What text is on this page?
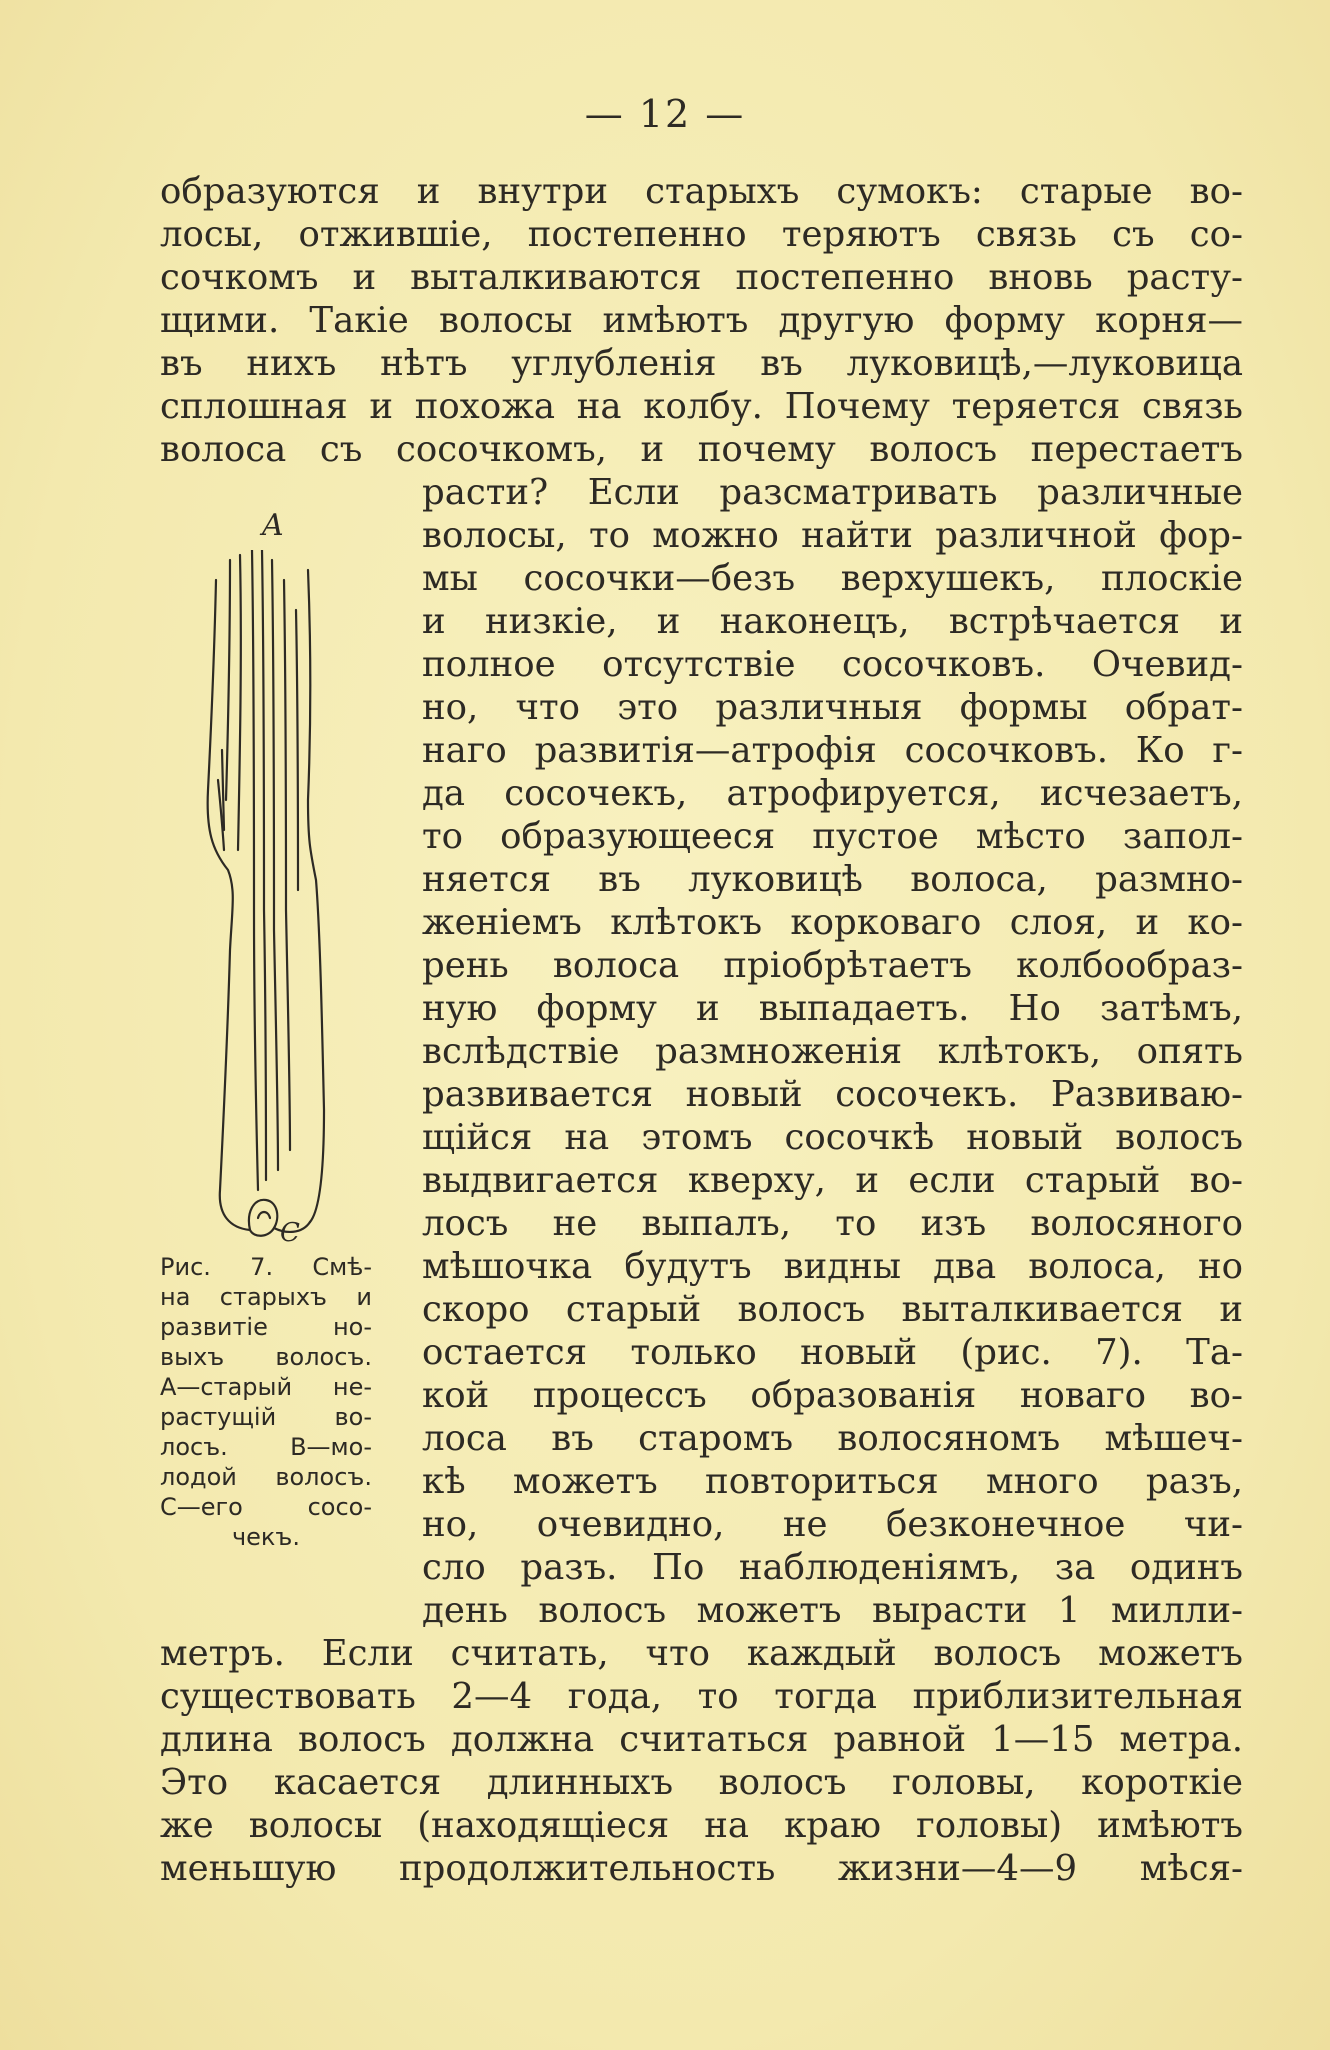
— 12 —
образуются и внутри старыхъ сумокъ: старые во-
лосы, отжившіе, постепенно теряютъ связь съ со-
сочкомъ и выталкиваются постепенно вновь расту-
щими. Такіе волосы имѣютъ другую форму корня—
въ нихъ нѣтъ углубленія въ луковицѣ,—луковица
сплошная и похожа на колбу. Почему теряется связь
волоса съ сосочкомъ, и почему волосъ перестаетъ
расти? Если разсматривать различные
волосы, то можно найти различной фор-
мы сосочки—безъ верхушекъ, плоскіе
и низкіе, и наконецъ, встрѣчается и
полное отсутствіе сосочковъ. Очевид-
но, что это различныя формы обрат-
наго развитія—атрофія сосочковъ. Ко г-
да сосочекъ, атрофируется, исчезаетъ,
то образующееся пустое мѣсто запол-
няется въ луковицѣ волоса, размно-
женіемъ клѣтокъ корковаго слоя, и ко-
рень волоса пріобрѣтаетъ колбообраз-
ную форму и выпадаетъ. Но затѣмъ,
вслѣдствіе размноженія клѣтокъ, опять
развивается новый сосочекъ. Развиваю-
щійся на этомъ сосочкѣ новый волосъ
выдвигается кверху, и если старый во-
лосъ не выпалъ, то изъ волосяного
мѣшочка будутъ видны два волоса, но
скоро старый волосъ выталкивается и
остается только новый (рис. 7). Та-
кой процессъ образованія новаго во-
лоса въ старомъ волосяномъ мѣшеч-
кѣ можетъ повториться много разъ,
но, очевидно, не безконечное чи-
сло разъ. По наблюденіямъ, за одинъ
день волосъ можетъ вырасти 1 милли-
метръ. Если считать, что каждый волосъ можетъ
существовать 2—4 года, то тогда приблизительная
длина волосъ должна считаться равной 1—15 метра.
Это касается длинныхъ волосъ головы, короткіе
же волосы (находящіеся на краю головы) имѣютъ
меньшую продолжительность жизни—4—9 мѣся-
A
C
Рис. 7. Смѣ-
на старыхъ и
развитіе но-
выхъ волосъ.
А—старый не-
растущій во-
лосъ. В—мо-
лодой волосъ.
С—его сосо-
чекъ.
